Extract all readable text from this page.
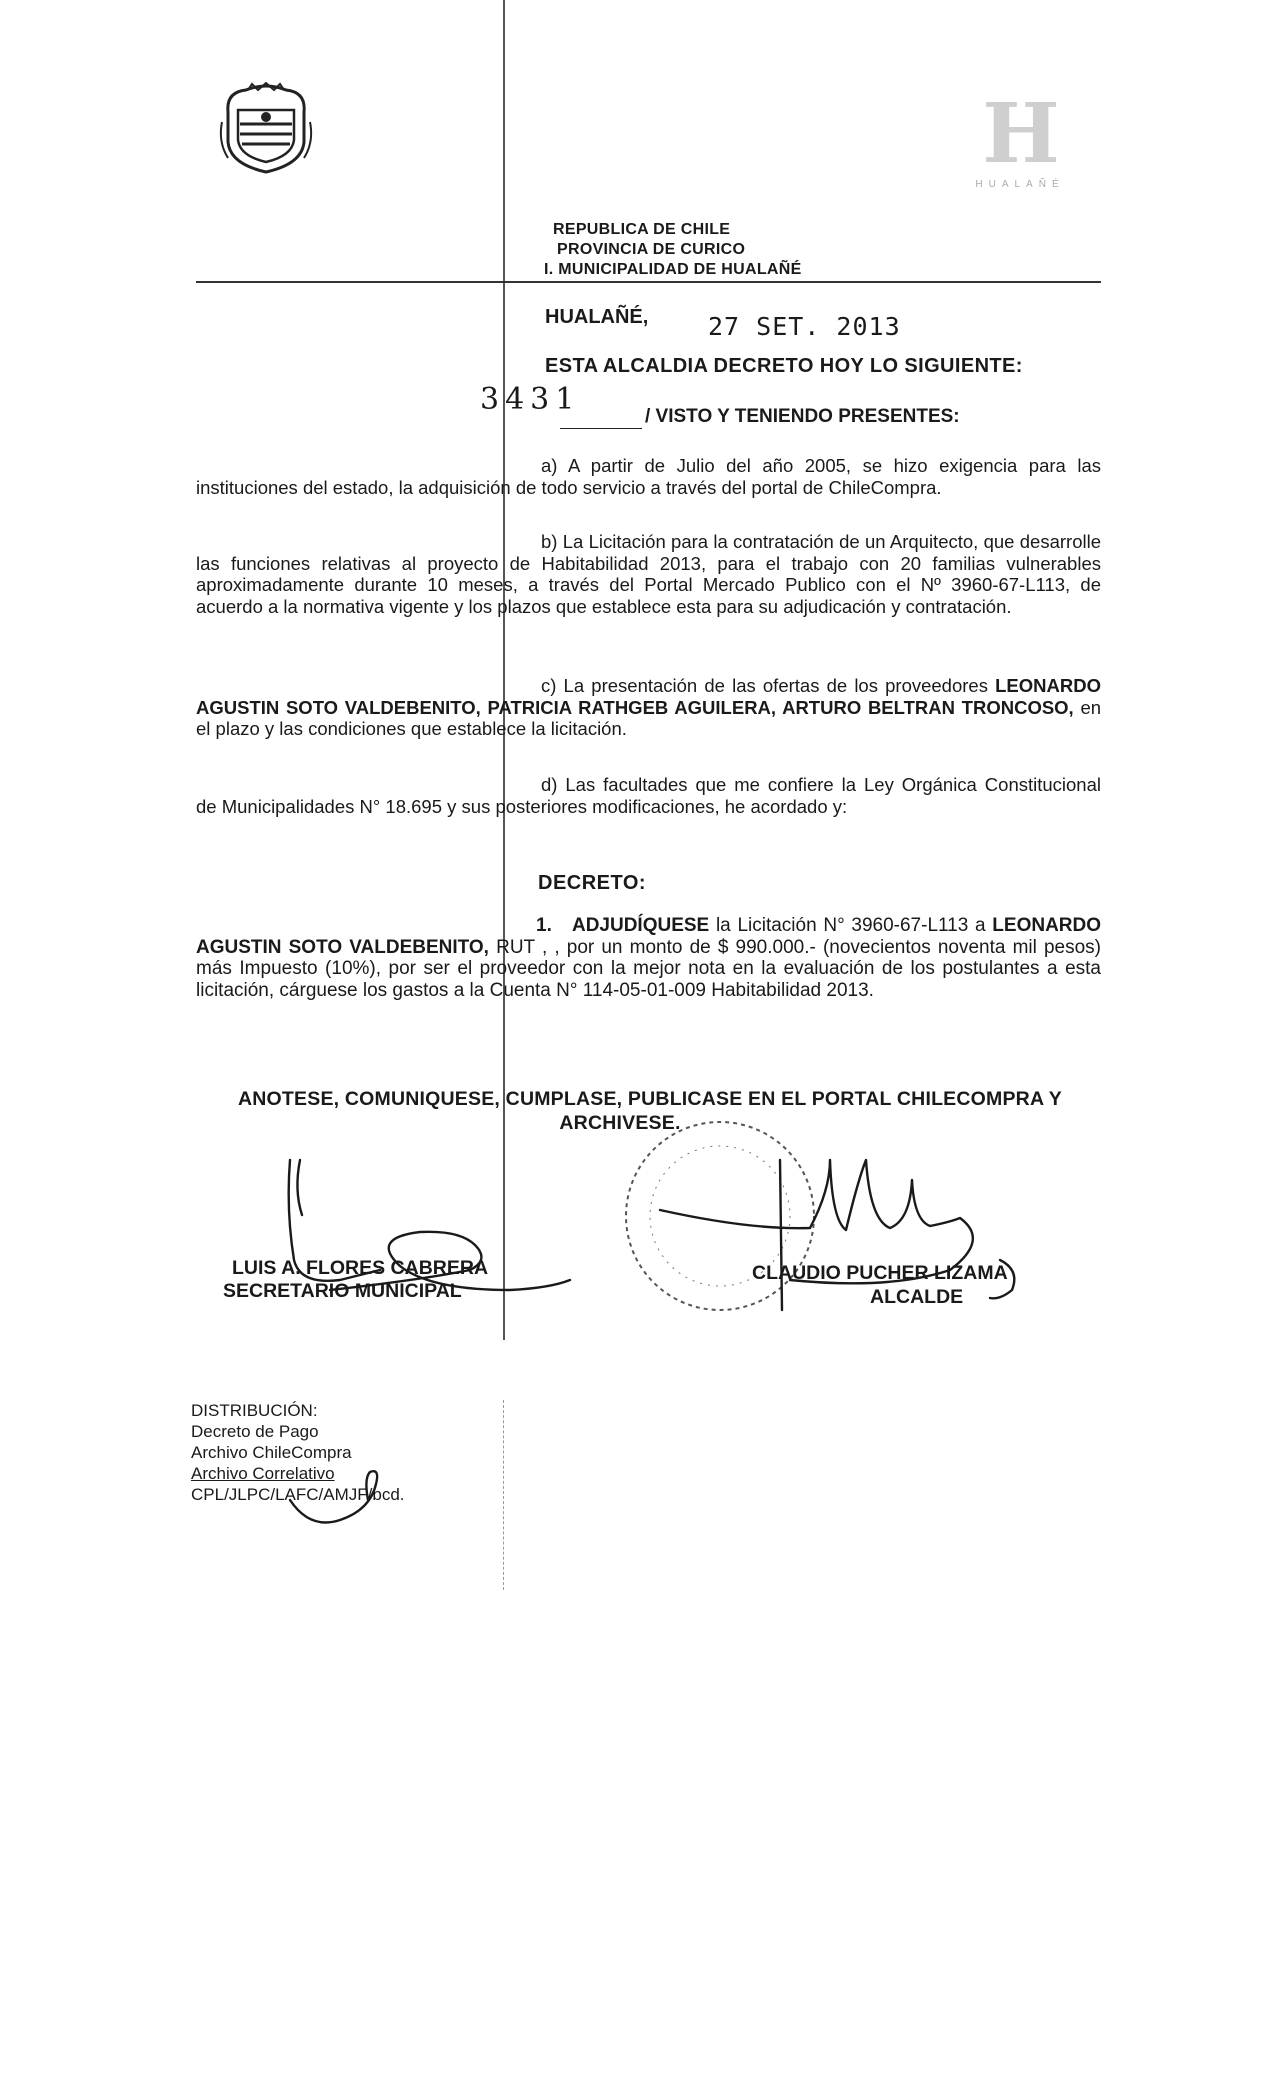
H
HUALAÑÉ
REPUBLICA DE CHILE
PROVINCIA DE CURICO
I. MUNICIPALIDAD DE HUALAÑÉ
HUALAÑÉ, 27 SET. 2013
ESTA ALCALDIA DECRETO HOY LO SIGUIENTE:
3431	/ VISTO Y TENIENDO PRESENTES:
a) A partir de Julio del año 2005, se hizo exigencia para las instituciones del estado, la adquisición de todo servicio a través del portal de ChileCompra.
b) La Licitación para la contratación de un Arquitecto, que desarrolle las funciones relativas al proyecto de Habitabilidad 2013, para el trabajo con 20 familias vulnerables aproximadamente durante 10 meses, a través del Portal Mercado Publico con el Nº 3960-67-L113, de acuerdo a la normativa vigente y los plazos que establece esta para su adjudicación y contratación.
c) La presentación de las ofertas de los proveedores LEONARDO AGUSTIN SOTO VALDEBENITO, PATRICIA RATHGEB AGUILERA, ARTURO BELTRAN TRONCOSO, en el plazo y las condiciones que establece la licitación.
d) Las facultades que me confiere la Ley Orgánica Constitucional de Municipalidades N° 18.695 y sus posteriores modificaciones, he acordado y:
DECRETO:
1. ADJUDÍQUESE la Licitación N° 3960-67-L113 a LEONARDO AGUSTIN SOTO VALDEBENITO, RUT , , por un monto de $ 990.000.- (novecientos noventa mil pesos) más Impuesto (10%), por ser el proveedor con la mejor nota en la evaluación de los postulantes a esta licitación, cárguese los gastos a la Cuenta N° 114-05-01-009 Habitabilidad 2013.
ANOTESE, COMUNIQUESE, CUMPLASE, PUBLICASE EN EL PORTAL CHILECOMPRA Y
ARCHIVESE.
LUIS A. FLORES CABRERA
SECRETARIO MUNICIPAL
CLAUDIO PUCHER LIZAMA
ALCALDE
DISTRIBUCIÓN:
Decreto de Pago
Archivo ChileCompra
Archivo Correlativo
CPL/JLPC/LAFC/AMJF/bcd.
